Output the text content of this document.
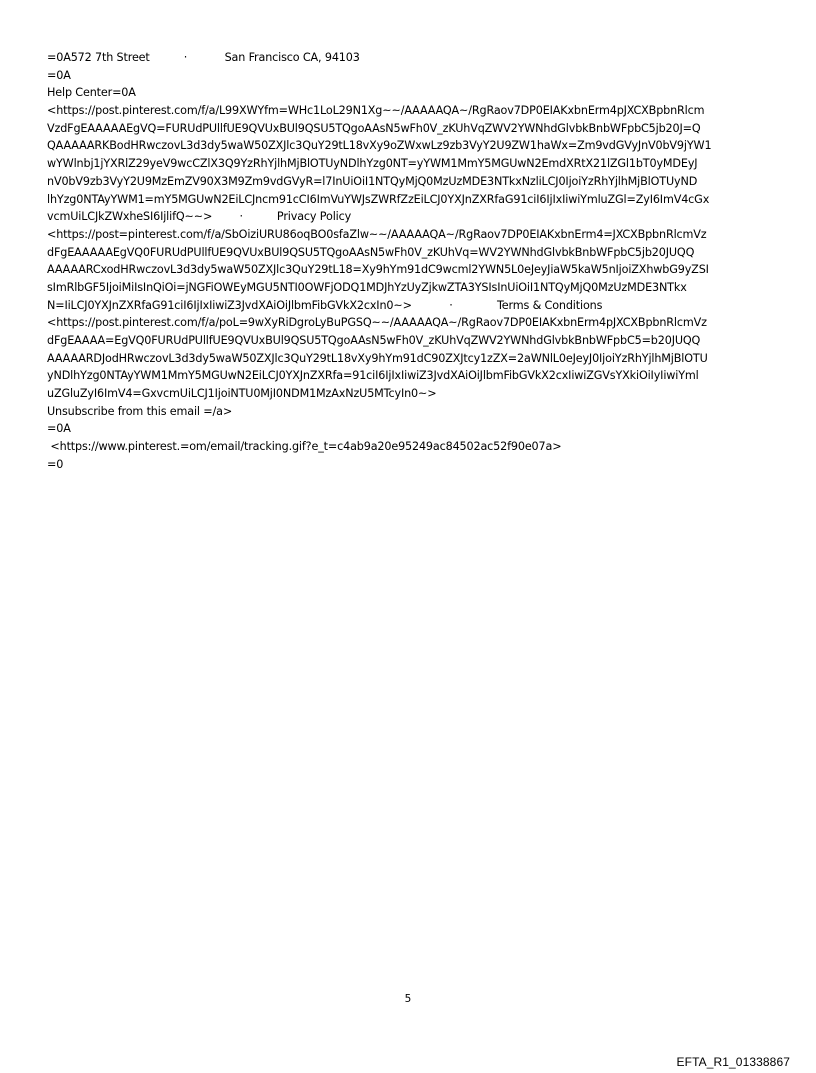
=0A572 7th Street          ·           San Francisco CA, 94103
=0A
Help Center=0A
<https://post.pinterest.com/f/a/L99XWYfm=WHc1LoL29N1Xg~~/AAAAAQA~/RgRaov7DP0EIAKxbnErm4pJXCXBpbnRlcm
VzdFgEAAAAAEgVQ=FURUdPUllfUE9QVUxBUl9QSU5TQgoAAsN5wFh0V_zKUhVqZWV2YWNhdGlvbkBnbWFpbC5jb20J=Q
QAAAAARKBodHRwczovL3d3dy5waW50ZXJlc3QuY29tL18vXy9oZWxwLz9zb3VyY2U9ZW1haWx=Zm9vdGVyJnV0bV9jYW1
wYWlnbj1jYXRlZ29yeV9wcCZlX3Q9YzRhYjlhMjBlOTUyNDlhYzg0NT=yYWM1MmY5MGUwN2EmdXRtX21lZGl1bT0yMDEyJ
nV0bV9zb3VyY2U9MzEmZV90X3M9Zm9vdGVyR=l7InUiOiI1NTQyMjQ0MzUzMDE3NTkxNzliLCJ0IjoiYzRhYjlhMjBlOTUyND
lhYzg0NTAyYWM1=mY5MGUwN2EiLCJncm91cCI6ImVuYWJsZWRfZzEiLCJ0YXJnZXRfaG91ciI6IjIxIiwiYmluZGl=ZyI6ImV4cGx
vcmUiLCJkZWxheSI6IjlifQ~~>        ·          Privacy Policy
<https://post=pinterest.com/f/a/SbOiziURU86oqBO0sfaZlw~~/AAAAAQA~/RgRaov7DP0EIAKxbnErm4=JXCXBpbnRlcmVz
dFgEAAAAAEgVQ0FURUdPUllfUE9QVUxBUl9QSU5TQgoAAsN5wFh0V_zKUhVq=WV2YWNhdGlvbkBnbWFpbC5jb20JUQQ
AAAAARCxodHRwczovL3d3dy5waW50ZXJlc3QuY29tL18=Xy9hYm91dC9wcml2YWN5L0eJeyJiaW5kaW5nIjoiZXhwbG9yZSI
sImRlbGF5IjoiMiIsInQiOi=jNGFiOWEyMGU5NTI0OWFjODQ1MDJhYzUyZjkwZTA3YSIsInUiOiI1NTQyMjQ0MzUzMDE3NTkx
N=IiLCJ0YXJnZXRfaG91ciI6IjIxIiwiZ3JvdXAiOiJlbmFibGVkX2cxIn0~>           ·             Terms & Conditions
<https://post.pinterest.com/f/a/poL=9wXyRiDgroLyBuPGSQ~~/AAAAAQA~/RgRaov7DP0EIAKxbnErm4pJXCXBpbnRlcmVz
dFgEAAAA=EgVQ0FURUdPUllfUE9QVUxBUl9QSU5TQgoAAsN5wFh0V_zKUhVqZWV2YWNhdGlvbkBnbWFpbC5=b20JUQQ
AAAAARDJodHRwczovL3d3dy5waW50ZXJlc3QuY29tL18vXy9hYm91dC90ZXJtcy1zZX=2aWNlL0eJeyJ0IjoiYzRhYjlhMjBlOTU
yNDlhYzg0NTAyYWM1MmY5MGUwN2EiLCJ0YXJnZXRfa=91ciI6IjIxIiwiZ3JvdXAiOiJlbmFibGVkX2cxIiwiZGVsYXkiOiIyIiwiYml
uZGluZyI6ImV4=GxvcmUiLCJ1IjoiNTU0MjI0NDM1MzAxNzU5MTcyIn0~>
Unsubscribe from this email =/a>
=0A
<https://www.pinterest.=om/email/tracking.gif?e_t=c4ab9a20e95249ac84502ac52f90e07a>
=0
5
EFTA_R1_01338867
